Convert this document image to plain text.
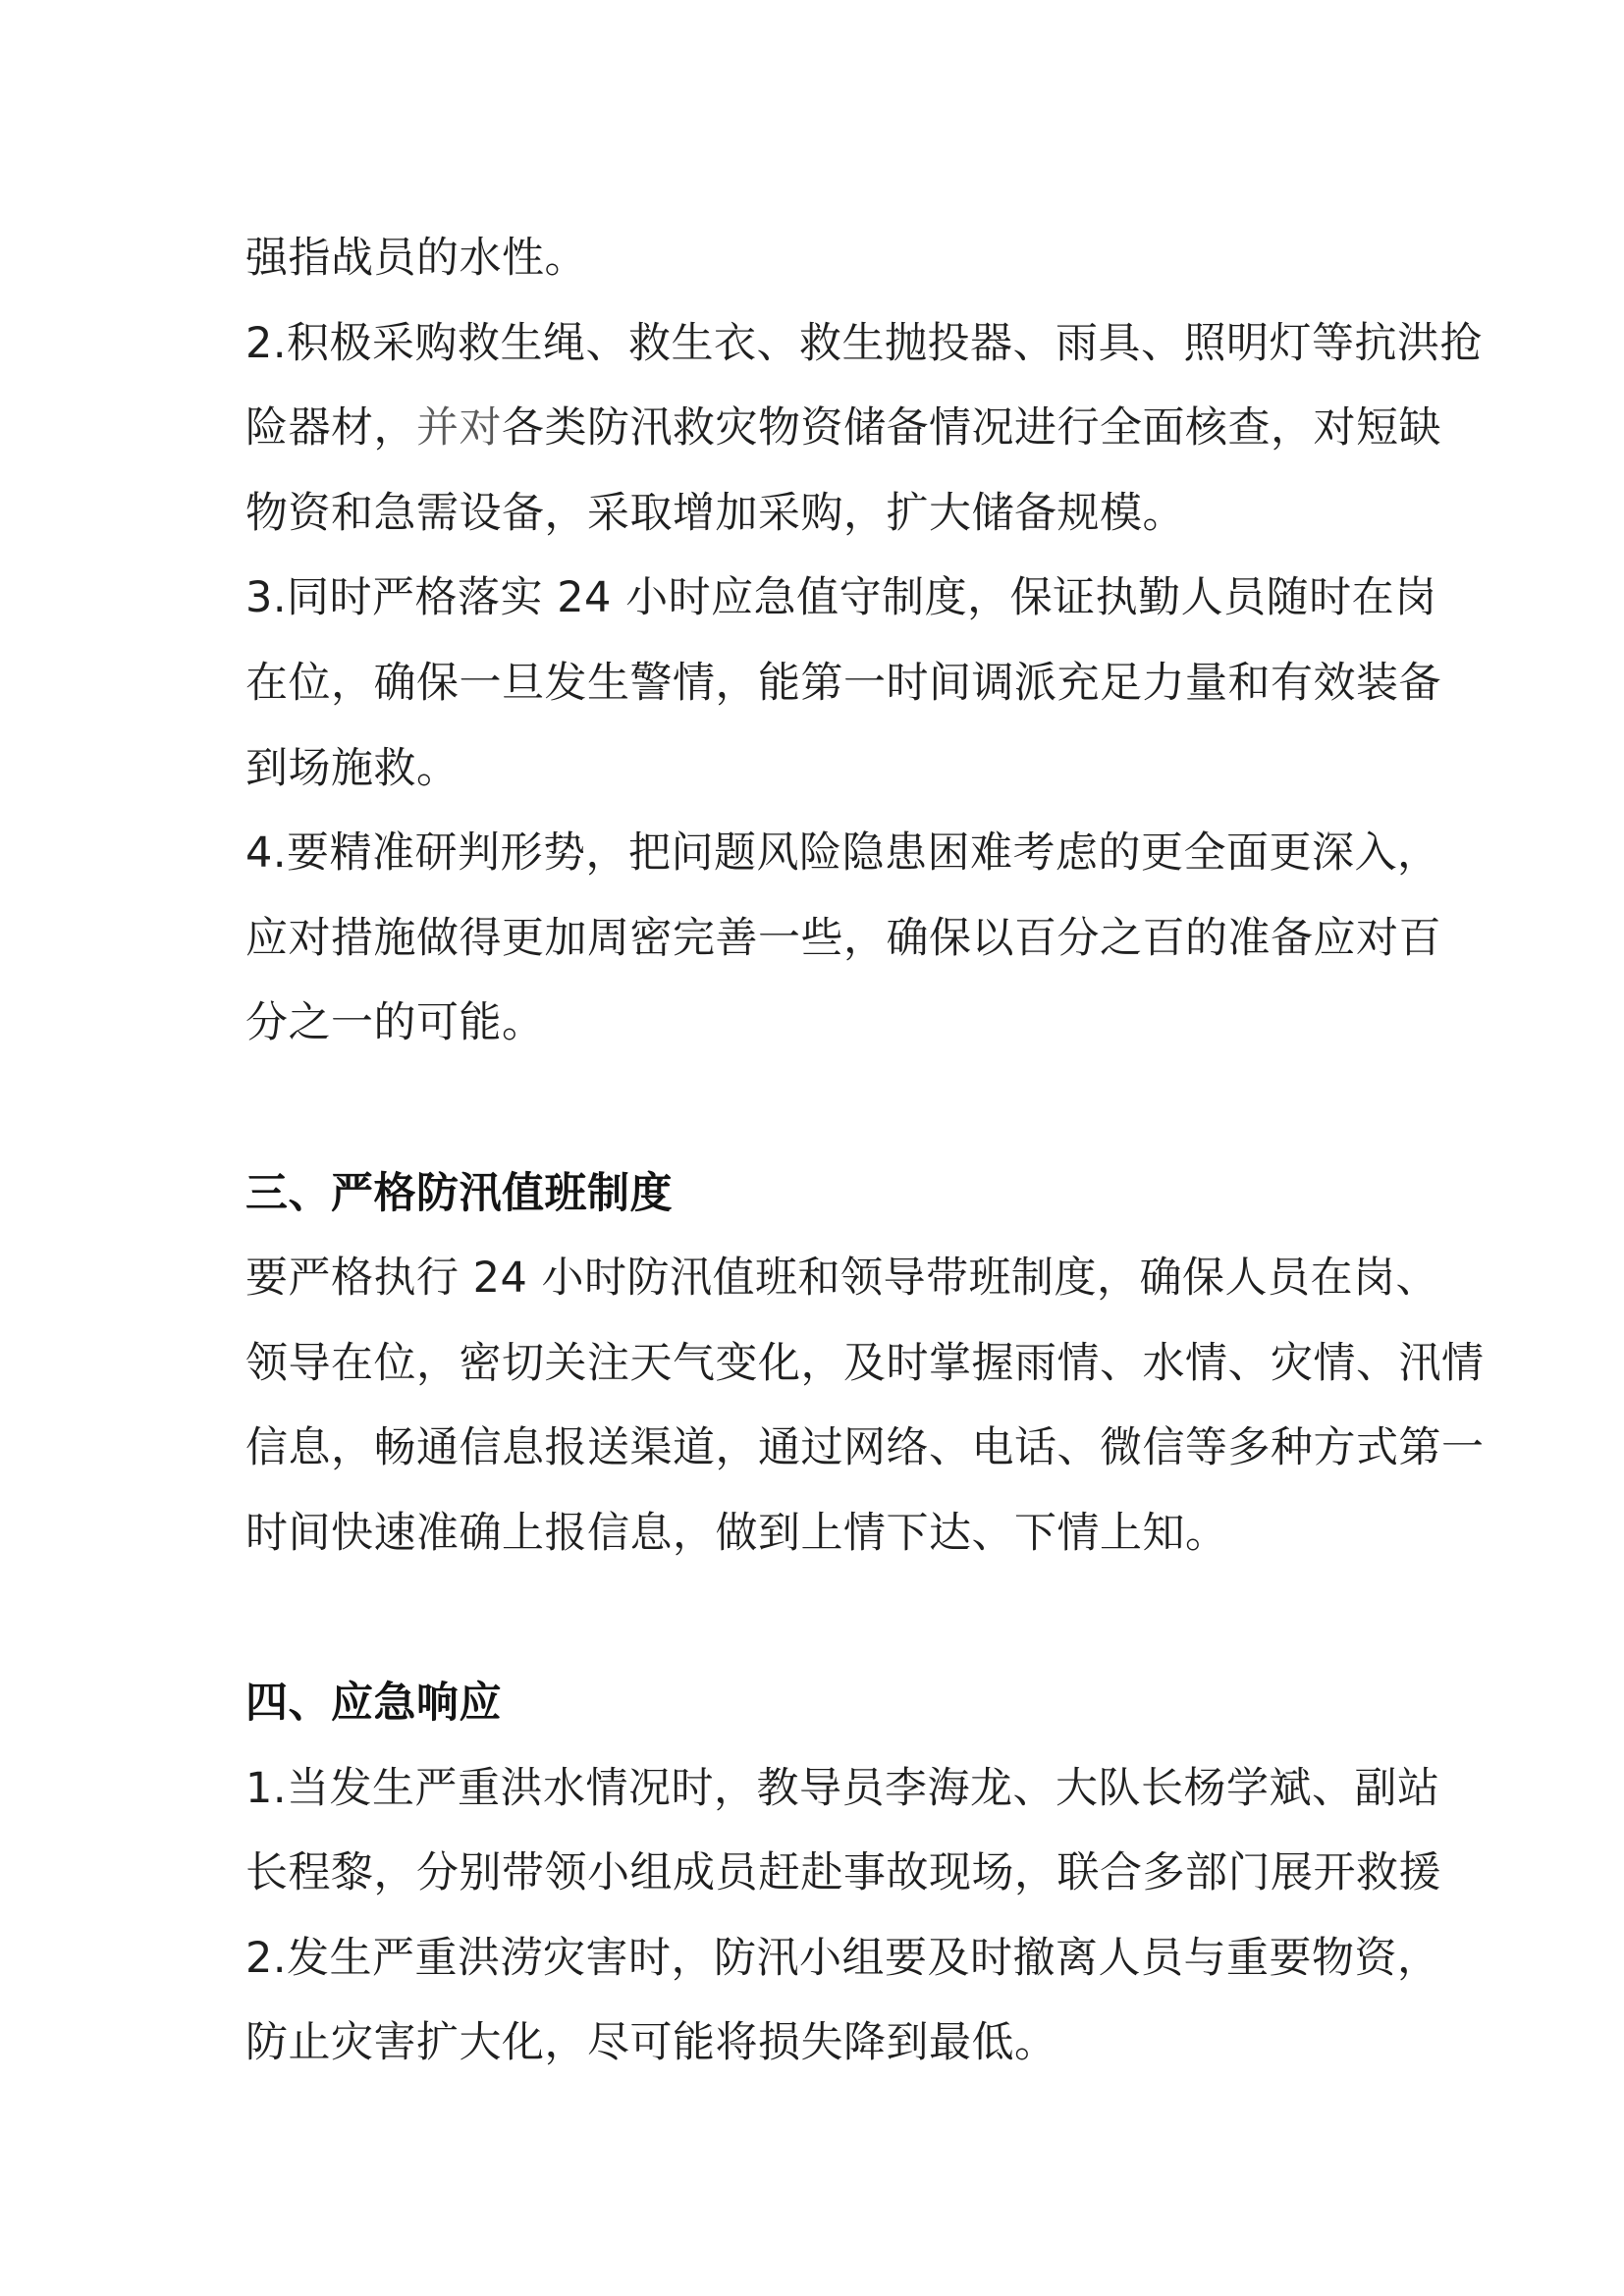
强指战员的水性。
2.积极采购救生绳、救生衣、救生抛投器、雨具、照明灯等抗洪抢
险器材，并对各类防汛救灾物资储备情况进行全面核查，对短缺
物资和急需设备，采取增加采购，扩大储备规模。
3.同时严格落实 24 小时应急值守制度，保证执勤人员随时在岗
在位，确保一旦发生警情，能第一时间调派充足力量和有效装备
到场施救。
4.要精准研判形势，把问题风险隐患困难考虑的更全面更深入，
应对措施做得更加周密完善一些，确保以百分之百的准备应对百
分之一的可能。
三、严格防汛值班制度
要严格执行 24 小时防汛值班和领导带班制度，确保人员在岗、
领导在位，密切关注天气变化，及时掌握雨情、水情、灾情、汛情
信息，畅通信息报送渠道，通过网络、电话、微信等多种方式第一
时间快速准确上报信息，做到上情下达、下情上知。
四、应急响应
1.当发生严重洪水情况时，教导员李海龙、大队长杨学斌、副站
长程黎，分别带领小组成员赶赴事故现场，联合多部门展开救援
2.发生严重洪涝灾害时，防汛小组要及时撤离人员与重要物资，
防止灾害扩大化，尽可能将损失降到最低。
